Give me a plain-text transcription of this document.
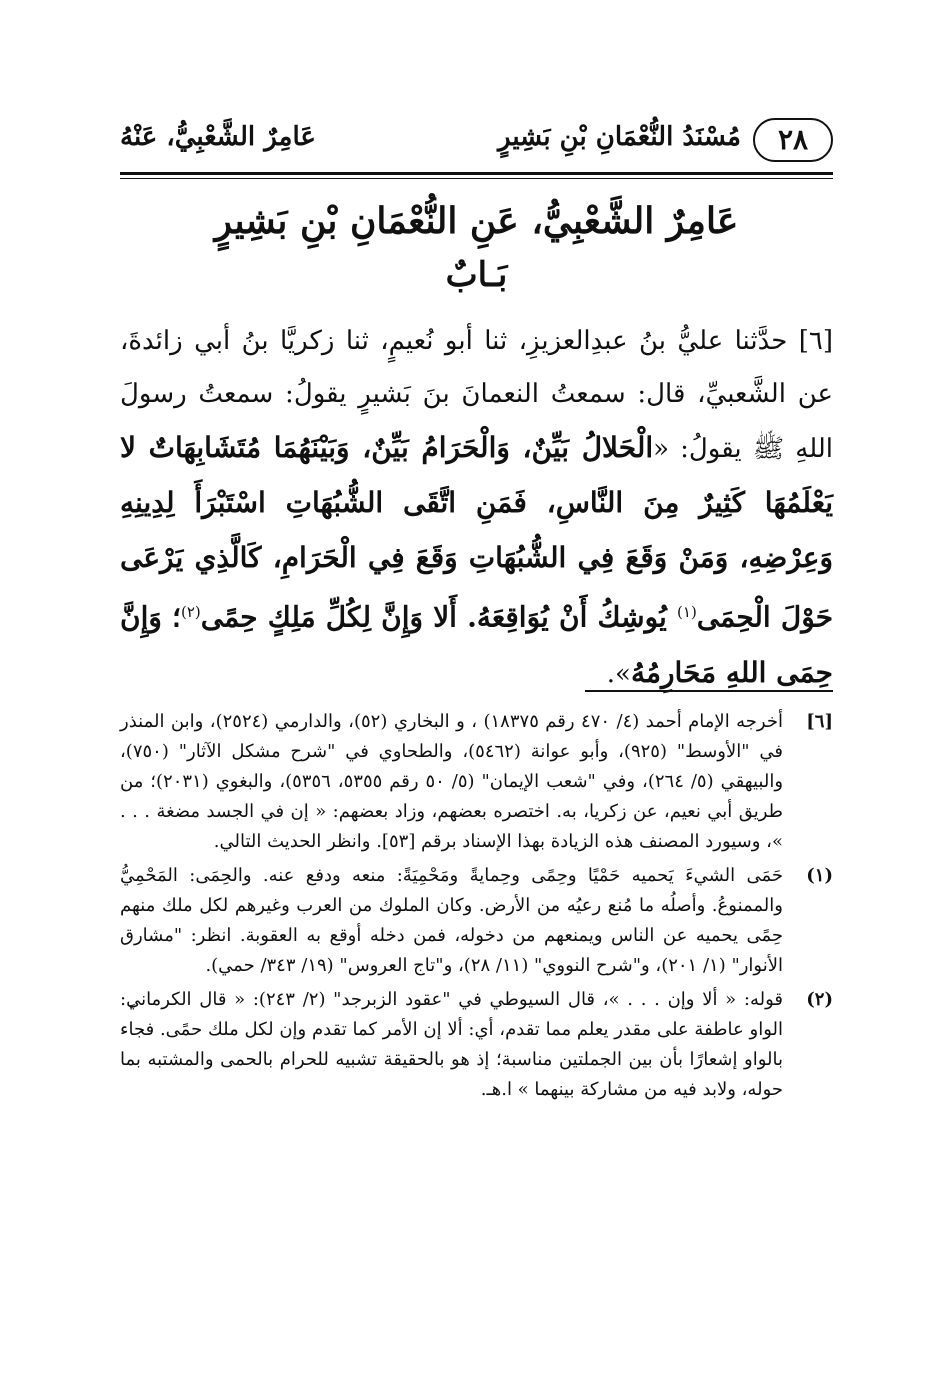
٢٨
مُسْنَدُ النُّعْمَانِ بْنِ بَشِيرٍ
عَامِرٌ الشَّعْبِيُّ، عَنْهُ
عَامِرٌ الشَّعْبِيُّ، عَنِ النُّعْمَانِ بْنِ بَشِيرٍ
بَـابٌ
[٦] حدَّثنا عليُّ بنُ عبدِالعزيزِ، ثنا أبو نُعيمٍ، ثنا زكريَّا بنُ أبي زائدةَ، عن الشَّعبيِّ، قال: سمعتُ النعمانَ بنَ بَشيرٍ يقولُ: سمعتُ رسولَ اللهِ ﷺ يقولُ: «الْحَلالُ بَيِّنٌ، وَالْحَرَامُ بَيِّنٌ، وَبَيْنَهُمَا مُتَشَابِهَاتٌ لا يَعْلَمُهَا كَثِيرٌ مِنَ النَّاسِ، فَمَنِ اتَّقَى الشُّبُهَاتِ اسْتَبْرَأَ لِدِينِهِ وَعِرْضِهِ، وَمَنْ وَقَعَ فِي الشُّبُهَاتِ وَقَعَ فِي الْحَرَامِ، كَالَّذِي يَرْعَى حَوْلَ الْحِمَى$^{(١)}$ يُوشِكُ أَنْ يُوَاقِعَهُ. أَلا وَإِنَّ لِكُلِّ مَلِكٍ حِمًى$^{(٢)}$؛ وَإِنَّ حِمَى اللهِ مَحَارِمُهُ».
[٦]
أخرجه الإمام أحمد (٤/ ٤٧٠ رقم ١٨٣٧٥) ، و البخاري (٥٢)، والدارمي (٢٥٢٤)، وابن المنذر في "الأوسط" (٩٢٥)، وأبو عوانة (٥٤٦٢)، والطحاوي في "شرح مشكل الآثار" (٧٥٠)، والبيهقي (٥/ ٢٦٤)، وفي "شعب الإيمان" (٥/ ٥٠ رقم ٥٣٥٥، ٥٣٥٦)، والبغوي (٢٠٣١)؛ من طريق أبي نعيم، عن زكريا، به. اختصره بعضهم، وزاد بعضهم: « إن في الجسد مضغة . . . »، وسيورد المصنف هذه الزيادة بهذا الإسناد برقم [٥٣]. وانظر الحديث التالي.
(١)
حَمَى الشيءَ يَحميه حَمْيًا وحِمًى وحِمايةً ومَحْمِيَةً: منعه ودفع عنه. والحِمَى: المَحْمِيُّ والممنوعُ. وأصلُه ما مُنع رعيُه من الأرض. وكان الملوك من العرب وغيرهم لكل ملك منهم حِمًى يحميه عن الناس ويمنعهم من دخوله، فمن دخله أوقع به العقوبة. انظر: "مشارق الأنوار" (١/ ٢٠١)، و"شرح النووي" (١١/ ٢٨)، و"تاج العروس" (١٩/ ٣٤٣/ حمي).
(٢)
قوله: « ألا وإن . . . »، قال السيوطي في "عقود الزبرجد" (٢/ ٢٤٣): « قال الكرماني: الواو عاطفة على مقدر يعلم مما تقدم، أي: ألا إن الأمر كما تقدم وإن لكل ملك حمًى. فجاء بالواو إشعارًا بأن بين الجملتين مناسبة؛ إذ هو بالحقيقة تشبيه للحرام بالحمى والمشتبه بما حوله، ولابد فيه من مشاركة بينهما » ا.هـ.
